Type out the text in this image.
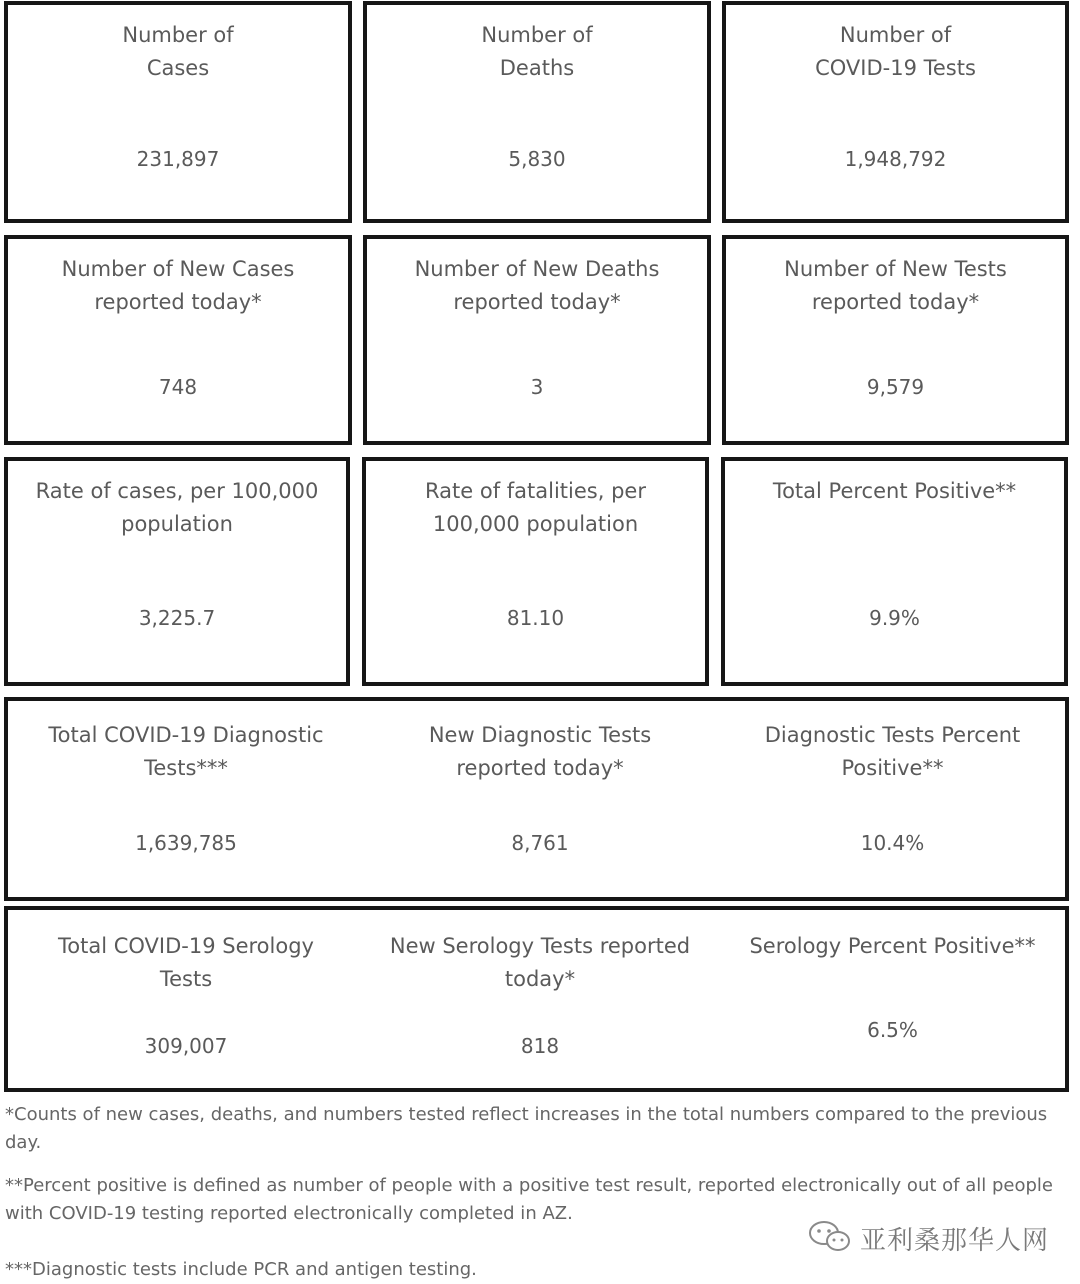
Number of
Cases
231,897
Number of
Deaths
5,830
Number of
COVID-19 Tests
1,948,792
Number of New Cases
reported today*
748
Number of New Deaths
reported today*
3
Number of New Tests
reported today*
9,579
Rate of cases, per 100,000
population
3,225.7
Rate of fatalities, per
100,000 population
81.10
Total Percent Positive**
9.9%
Total COVID-19 Diagnostic
Tests***
1,639,785
New Diagnostic Tests
reported today*
8,761
Diagnostic Tests Percent
Positive**
10.4%
Total COVID-19 Serology
Tests
309,007
New Serology Tests reported
today*
818
Serology Percent Positive**
6.5%
*Counts of new cases, deaths, and numbers tested reflect increases in the total numbers compared to the previous day.
**Percent positive is defined as number of people with a positive test result, reported electronically out of all people with COVID-19 testing reported electronically completed in AZ.
***Diagnostic tests include PCR and antigen testing.
亚利桑那华人网
